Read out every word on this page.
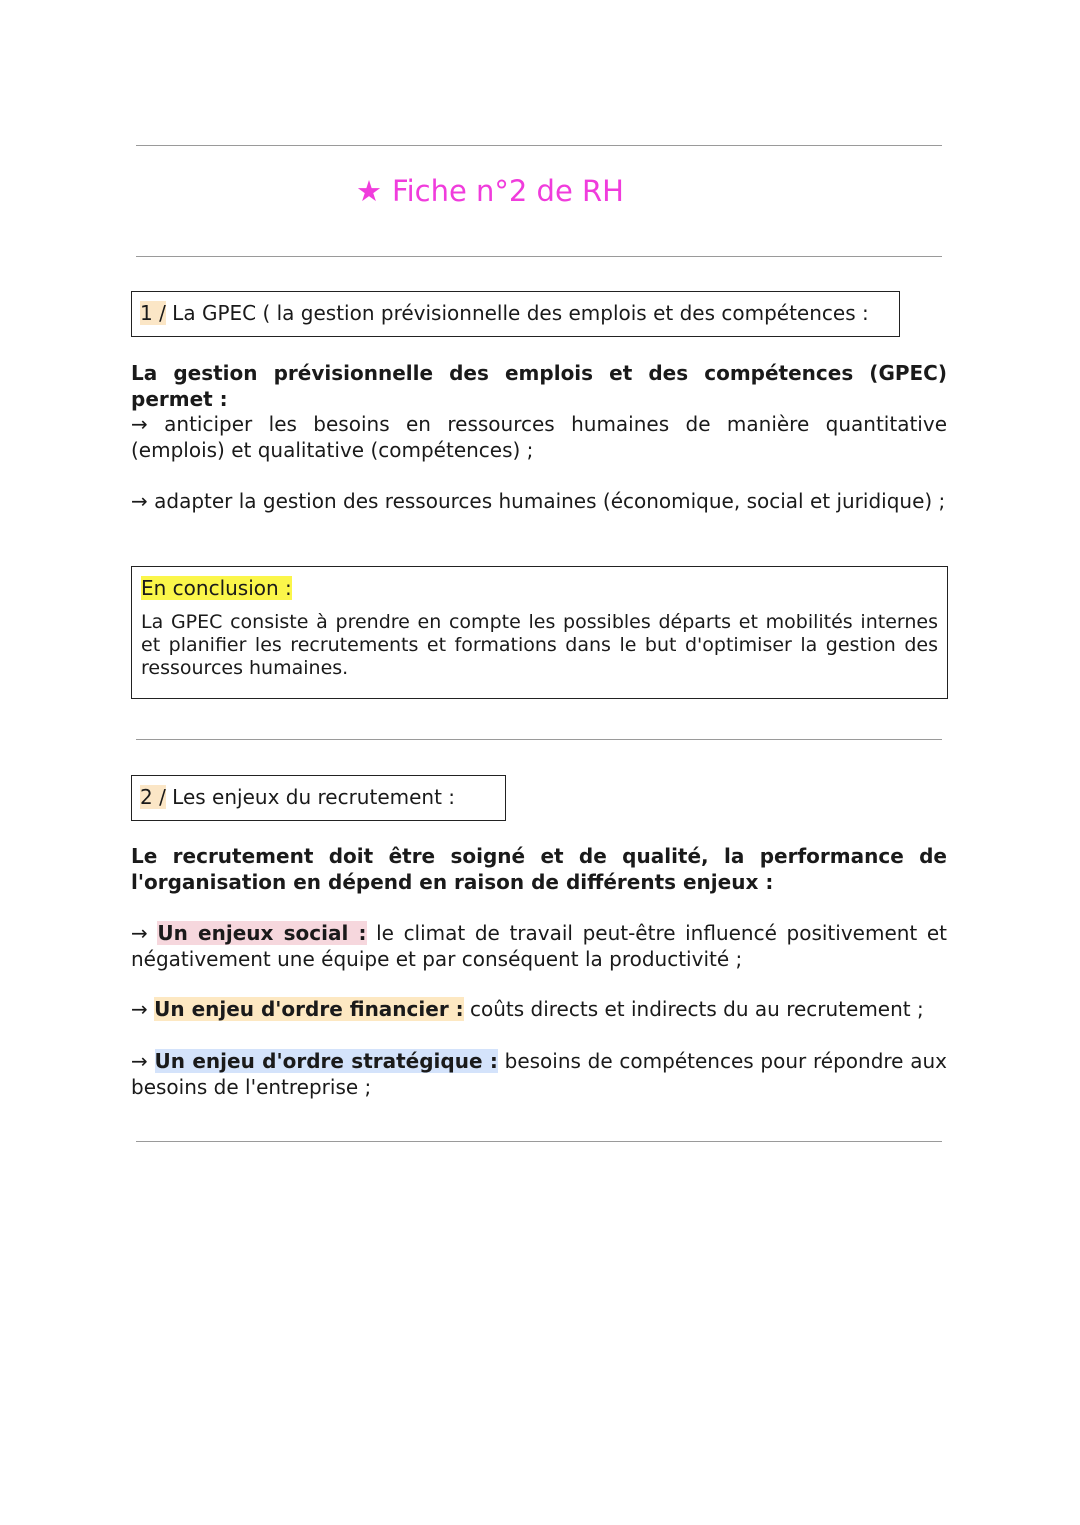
★ Fiche n°2 de RH
1 / La GPEC ( la gestion prévisionnelle des emplois et des compétences :
La gestion prévisionnelle des emplois et des compétences (GPEC) permet :
→ anticiper les besoins en ressources humaines de manière quantitative (emplois) et qualitative (compétences) ;
→ adapter la gestion des ressources humaines (économique, social et juridique) ;
En conclusion :
La GPEC consiste à prendre en compte les possibles départs et mobilités internes et planifier les recrutements et formations dans le but d'optimiser la gestion des ressources humaines.
2 / Les enjeux du recrutement :
Le recrutement doit être soigné et de qualité, la performance de l'organisation en dépend en raison de différents enjeux :
→ Un enjeux social : le climat de travail peut-être influencé positivement et négativement une équipe et par conséquent la productivité ;
→ Un enjeu d'ordre financier : coûts directs et indirects du au recrutement ;
→ Un enjeu d'ordre stratégique : besoins de compétences pour répondre aux besoins de l'entreprise ;
